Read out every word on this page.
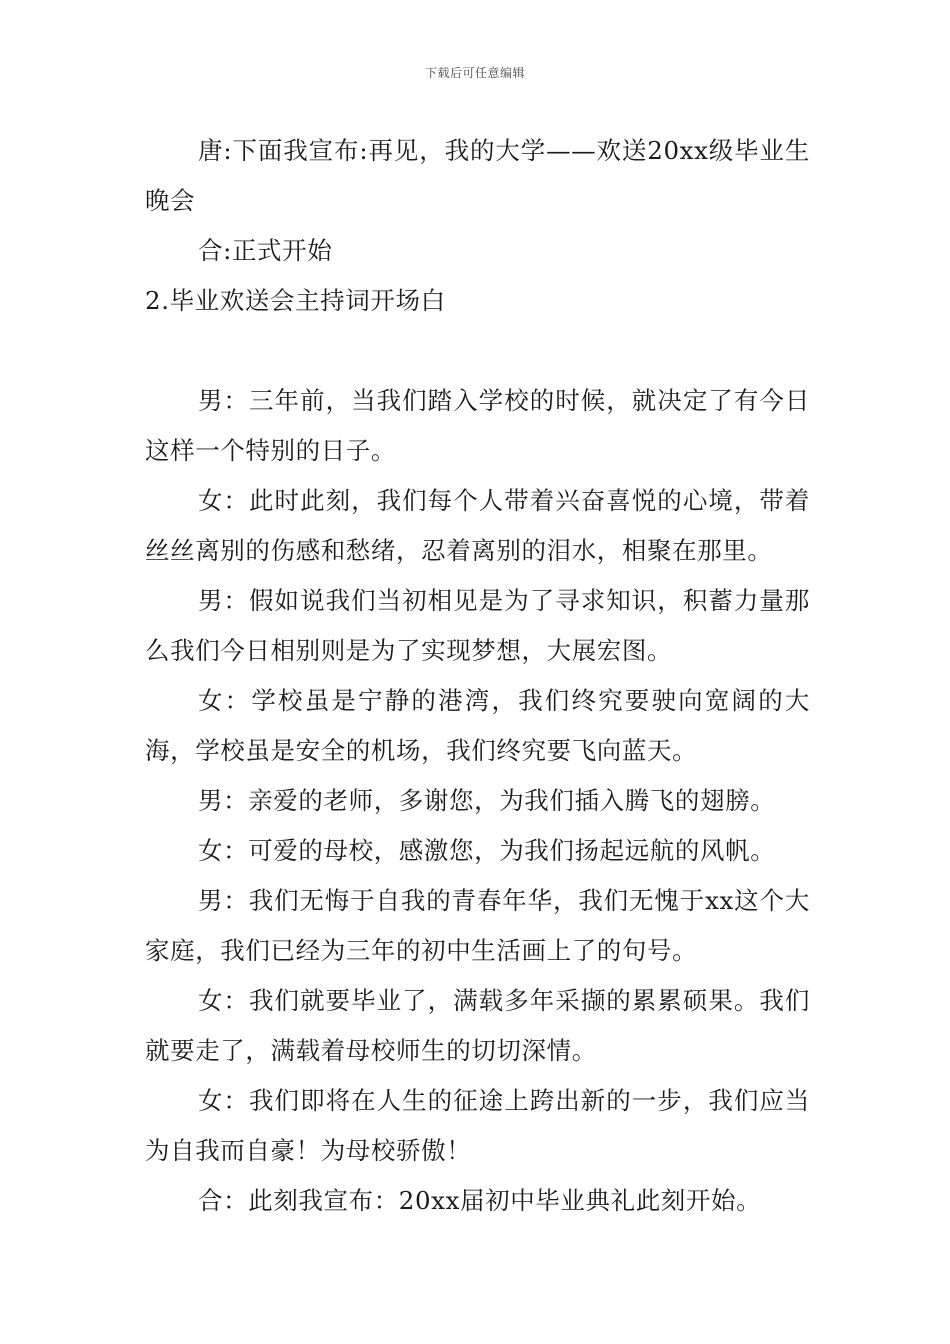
下载后可任意编辑

唐:下面我宣布:再见，我的大学——欢送20xx级毕业生晚会

合:正式开始

2.毕业欢送会主持词开场白

男：三年前，当我们踏入学校的时候，就决定了有今日这样一个特别的日子。

女：此时此刻，我们每个人带着兴奋喜悦的心境，带着丝丝离别的伤感和愁绪，忍着离别的泪水，相聚在那里。

男：假如说我们当初相见是为了寻求知识，积蓄力量那么我们今日相别则是为了实现梦想，大展宏图。

女：学校虽是宁静的港湾，我们终究要驶向宽阔的大海，学校虽是安全的机场，我们终究要飞向蓝天。

男：亲爱的老师，多谢您，为我们插入腾飞的翅膀。

女：可爱的母校，感激您，为我们扬起远航的风帆。

男：我们无悔于自我的青春年华，我们无愧于xx这个大家庭，我们已经为三年的初中生活画上了的句号。

女：我们就要毕业了，满载多年采撷的累累硕果。我们就要走了，满载着母校师生的切切深情。

女：我们即将在人生的征途上跨出新的一步，我们应当为自我而自豪！为母校骄傲！

合：此刻我宣布：20xx届初中毕业典礼此刻开始。
